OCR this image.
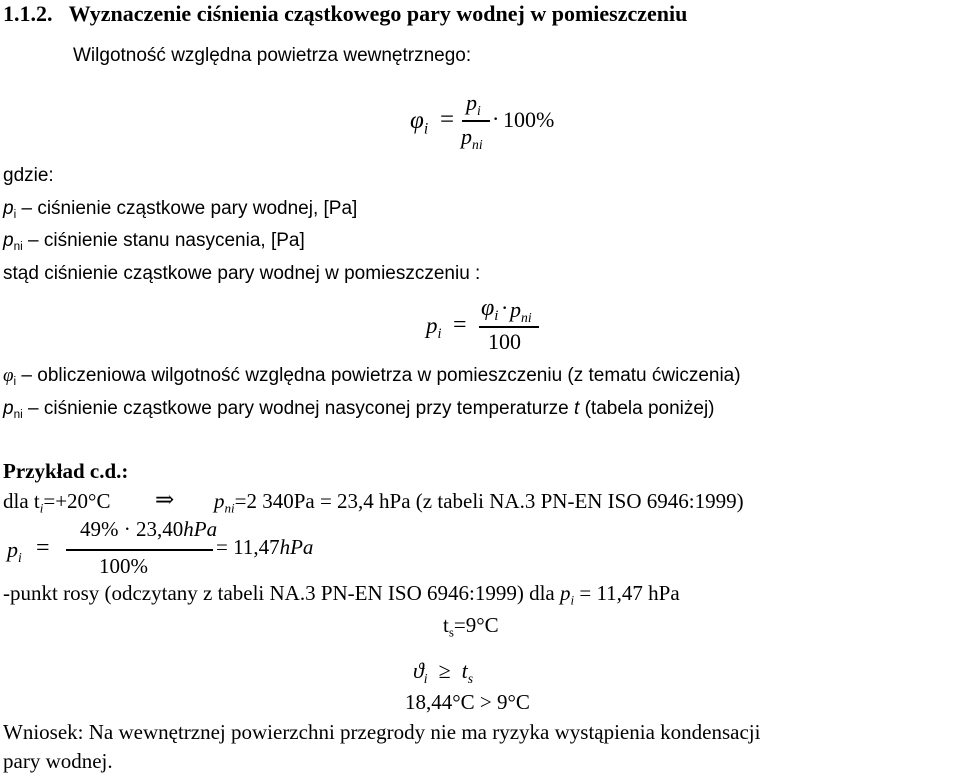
1.1.2. Wyznaczenie ciśnienia cząstkowego pary wodnej w pomieszczeniu
Wilgotność względna powietrza wewnętrznego:
$\varphi_i$ =
$p_i$
$p_{ni}$
· 100%
gdzie:
$p_i$ – ciśnienie cząstkowe pary wodnej, [Pa]
$p_{ni}$ – ciśnienie stanu nasycenia, [Pa]
stąd ciśnienie cząstkowe pary wodnej w pomieszczeniu :
$p_i$ =
$\varphi_i \cdot p_{ni}$
100
$\varphi_i$ – obliczeniowa wilgotność względna powietrza w pomieszczeniu (z tematu ćwiczenia)
$p_{ni}$ – ciśnienie cząstkowe pary wodnej nasyconej przy temperaturze t (tabela poniżej)
Przykład c.d.:
dla $t_i=+20^\circ C$ ⇒ $p_{ni}=2$ 340Pa = 23,4 hPa (z tabeli NA.3 PN-EN ISO 6946:1999)
$p_i$ =
49% · 23,40hPa
100%
= 11,47hPa
-punkt rosy (odczytany z tabeli NA.3 PN-EN ISO 6946:1999) dla $p_i = 11,47$ hPa
$t_s=9^\circ C$
$ϑ_i \ge t_s$
18,44°C > 9°C
Wniosek: Na wewnętrznej powierzchni przegrody nie ma ryzyka wystąpienia kondensacji
pary wodnej.
